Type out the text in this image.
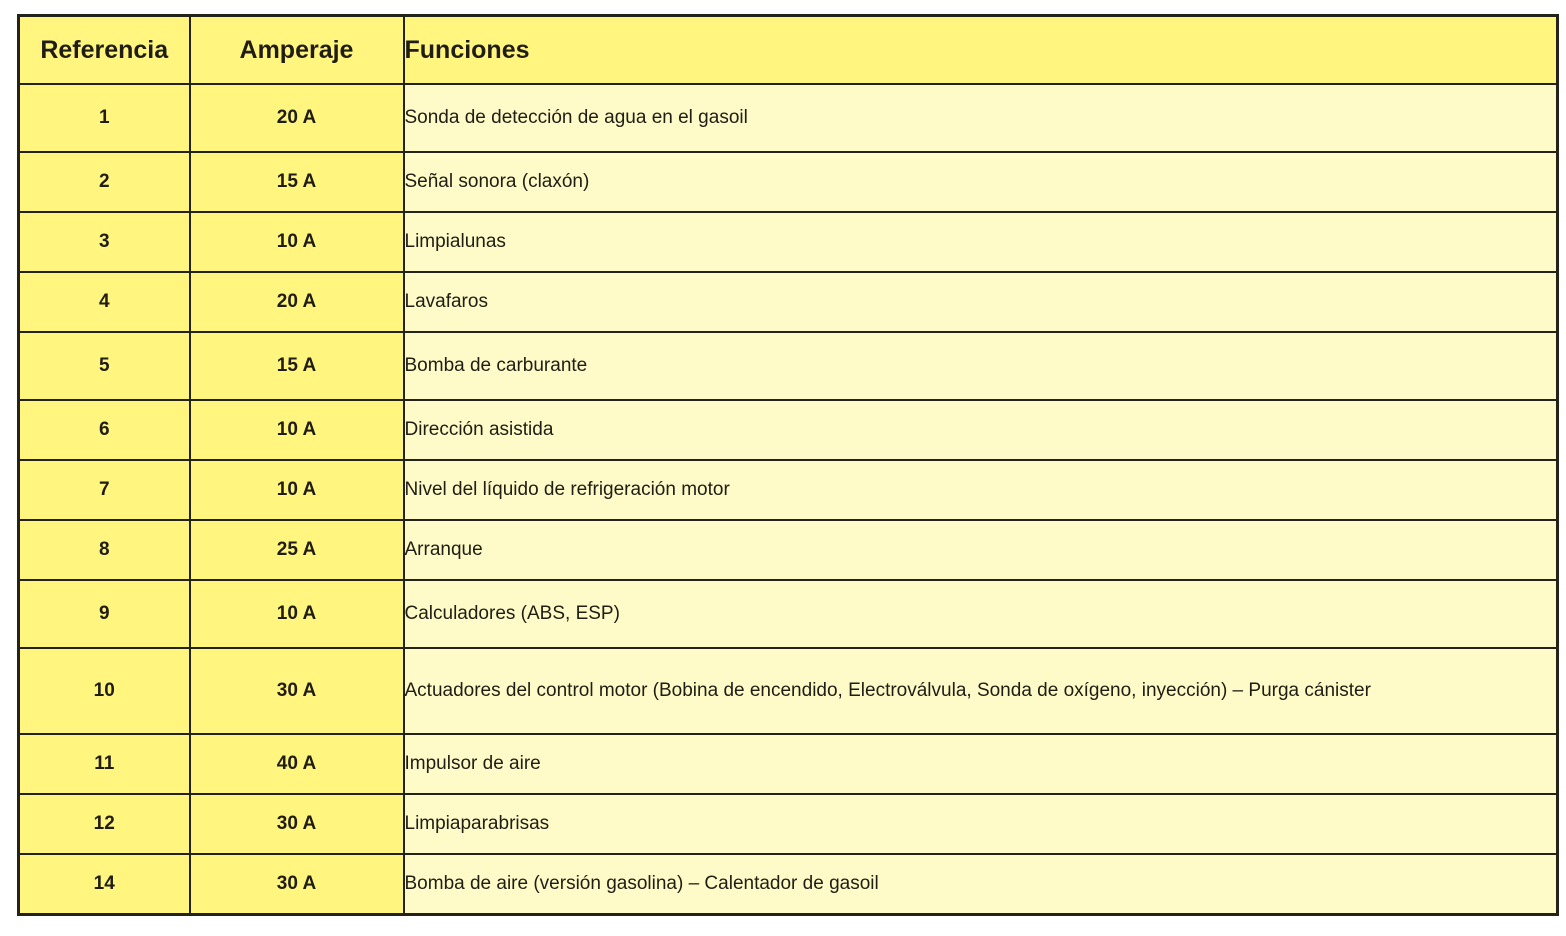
Referencia	Amperaje	Funciones
1	20 A	Sonda de detección de agua en el gasoil
2	15 A	Señal sonora (claxón)
3	10 A	Limpialunas
4	20 A	Lavafaros
5	15 A	Bomba de carburante
6	10 A	Dirección asistida
7	10 A	Nivel del líquido de refrigeración motor
8	25 A	Arranque
9	10 A	Calculadores (ABS, ESP)
10	30 A	Actuadores del control motor (Bobina de encendido, Electroválvula, Sonda de oxígeno, inyección) – Purga cánister
11	40 A	Impulsor de aire
12	30 A	Limpiaparabrisas
14	30 A	Bomba de aire (versión gasolina) – Calentador de gasoil
